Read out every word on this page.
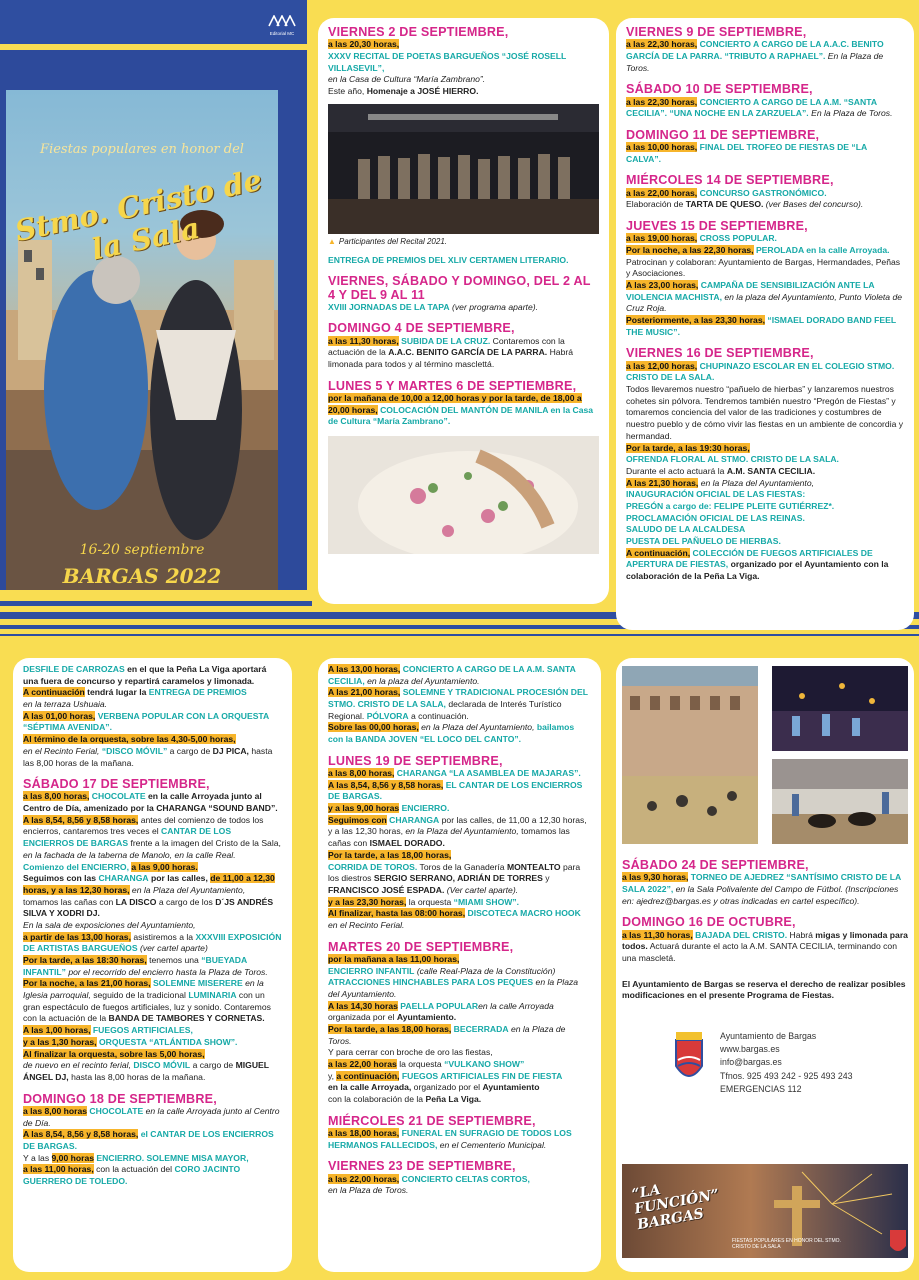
Editorial MC
Fiestas populares en honor del
Stmo. Cristo de la Sala
16-20 septiembre
BARGAS 2022
VIERNES 2 DE SEPTIEMBRE,
a las 20,30 horas,
XXXV RECITAL DE POETAS BARGUEÑOS “JOSÉ ROSELL VILLASEVIL”,
en la Casa de Cultura “María Zambrano”.
Este año, Homenaje a JOSÉ HIERRO.
▲ Participantes del Recital 2021.
ENTREGA DE PREMIOS DEL XLIV CERTAMEN LITERARIO.
VIERNES, SÁBADO Y DOMINGO, DEL 2 AL 4 Y DEL 9 AL 11
XVIII JORNADAS DE LA TAPA (ver programa aparte).
DOMINGO 4 DE SEPTIEMBRE,
a las 11,30 horas, SUBIDA DE LA CRUZ. Contaremos con la actuación de la A.A.C. BENITO GARCÍA DE LA PARRA. Habrá limonada para todos y al término masclettá.
LUNES 5 Y MARTES 6 DE SEPTIEMBRE,
por la mañana de 10,00 a 12,00 horas y por la tarde, de 18,00 a 20,00 horas, COLOCACIÓN DEL MANTÓN DE MANILA en la Casa de Cultura “María Zambrano”.
VIERNES 9 DE SEPTIEMBRE,
a las 22,30 horas, CONCIERTO A CARGO DE LA A.A.C. BENITO GARCÍA DE LA PARRA. “TRIBUTO A RAPHAEL”. En la Plaza de Toros.
SÁBADO 10 DE SEPTIEMBRE,
a las 22,30 horas, CONCIERTO A CARGO DE LA A.M. “SANTA CECILIA”. “UNA NOCHE EN LA ZARZUELA”. En la Plaza de Toros.
DOMINGO 11 DE SEPTIEMBRE,
a las 10,00 horas, FINAL DEL TROFEO DE FIESTAS DE “LA CALVA”.
MIÉRCOLES 14 DE SEPTIEMBRE,
a las 22,00 horas, CONCURSO GASTRONÓMICO.
Elaboración de TARTA DE QUESO. (ver Bases del concurso).
JUEVES 15 DE SEPTIEMBRE,
a las 19,00 horas, CROSS POPULAR.
Por la noche, a las 22,30 horas, PEROLADA en la calle Arroyada.
Patrocinan y colaboran: Ayuntamiento de Bargas, Hermandades, Peñas y Asociaciones.
A las 23,00 horas, CAMPAÑA DE SENSIBILIZACIÓN ANTE LA VIOLENCIA MACHISTA, en la plaza del Ayuntamiento, Punto Violeta de Cruz Roja.
Posteriormente, a las 23,30 horas, “ISMAEL DORADO BAND FEEL THE MUSIC”.
VIERNES 16 DE SEPTIEMBRE,
a las 12,00 horas, CHUPINAZO ESCOLAR EN EL COLEGIO STMO. CRISTO DE LA SALA.
Todos llevaremos nuestro “pañuelo de hierbas” y lanzaremos nuestros cohetes sin pólvora. Tendremos también nuestro “Pregón de Fiestas” y tomaremos conciencia del valor de las tradiciones y costumbres de nuestro pueblo y de cómo vivir las fiestas en un ambiente de concordia y hermandad.
Por la tarde, a las 19:30 horas,
OFRENDA FLORAL AL STMO. CRISTO DE LA SALA.
Durante el acto actuará la A.M. SANTA CECILIA.
A las 21,30 horas, en la Plaza del Ayuntamiento,
INAUGURACIÓN OFICIAL DE LAS FIESTAS:
PREGÓN a cargo de: FELIPE PLEITE GUTIÉRREZ*.
PROCLAMACIÓN OFICIAL DE LAS REINAS.
SALUDO DE LA ALCALDESA
PUESTA DEL PAÑUELO DE HIERBAS.
A continuación, COLECCIÓN DE FUEGOS ARTIFICIALES DE APERTURA DE FIESTAS, organizado por el Ayuntamiento con la colaboración de la Peña La Viga.
DESFILE DE CARROZAS en el que la Peña La Viga aportará una fuera de concurso y repartirá caramelos y limonada.
A continuación tendrá lugar la ENTREGA DE PREMIOS
en la terraza Ushuaia.
A las 01,00 horas, VERBENA POPULAR CON LA ORQUESTA “SÉPTIMA AVENIDA”.
Al término de la orquesta, sobre las 4,30-5,00 horas,
en el Recinto Ferial, “DISCO MÓVIL” a cargo de DJ PICA, hasta las 8,00 horas de la mañana.
SÁBADO 17 DE SEPTIEMBRE,
a las 8,00 horas, CHOCOLATE en la calle Arroyada junto al Centro de Día, amenizado por la CHARANGA “SOUND BAND”.
A las 8,54, 8,56 y 8,58 horas, antes del comienzo de todos los encierros, cantaremos tres veces el CANTAR DE LOS ENCIERROS DE BARGAS frente a la imagen del Cristo de la Sala, en la fachada de la taberna de Manolo, en la calle Real.
Comienzo del ENCIERRO, a las 9,00 horas.
Seguimos con las CHARANGA por las calles, de 11,00 a 12,30 horas, y a las 12,30 horas, en la Plaza del Ayuntamiento, tomamos las cañas con LA DISCO a cargo de los D´JS ANDRÉS SILVA Y XODRI DJ.
En la sala de exposiciones del Ayuntamiento,
a partir de las 13,00 horas, asistiremos a la XXXVIII EXPOSICIÓN DE ARTISTAS BARGUEÑOS (ver cartel aparte)
Por la tarde, a las 18:30 horas, tenemos una “BUEYADA INFANTIL” por el recorrido del encierro hasta la Plaza de Toros.
Por la noche, a las 21,00 horas, SOLEMNE MISERERE en la Iglesia parroquial, seguido de la tradicional LUMINARIA con un gran espectáculo de fuegos artificiales, luz y sonido. Contaremos con la actuación de la BANDA DE TAMBORES Y CORNETAS.
A las 1,00 horas, FUEGOS ARTIFICIALES,
y a las 1,30 horas, ORQUESTA “ATLÁNTIDA SHOW”.
Al finalizar la orquesta, sobre las 5,00 horas,
de nuevo en el recinto ferial, DISCO MÓVIL a cargo de MIGUEL ÁNGEL DJ, hasta las 8,00 horas de la mañana.
DOMINGO 18 DE SEPTIEMBRE,
a las 8,00 horas CHOCOLATE en la calle Arroyada junto al Centro de Día.
A las 8,54, 8,56 y 8,58 horas, el CANTAR DE LOS ENCIERROS DE BARGAS.
Y a las 9,00 horas ENCIERRO. SOLEMNE MISA MAYOR,
a las 11,00 horas, con la actuación del CORO JACINTO GUERRERO DE TOLEDO.
A las 13,00 horas, CONCIERTO A CARGO DE LA A.M. SANTA CECILIA, en la plaza del Ayuntamiento.
A las 21,00 horas, SOLEMNE Y TRADICIONAL PROCESIÓN DEL STMO. CRISTO DE LA SALA, declarada de Interés Turístico Regional. PÓLVORA a continuación.
Sobre las 00,00 horas, en la Plaza del Ayuntamiento, bailamos con la BANDA JOVEN “EL LOCO DEL CANTO”.
LUNES 19 DE SEPTIEMBRE,
a las 8,00 horas, CHARANGA “LA ASAMBLEA DE MAJARAS”.
A las 8,54, 8,56 y 8,58 horas, EL CANTAR DE LOS ENCIERROS DE BARGAS.
y a las 9,00 horas ENCIERRO.
Seguimos con CHARANGA por las calles, de 11,00 a 12,30 horas, y a las 12,30 horas, en la Plaza del Ayuntamiento, tomamos las cañas con ISMAEL DORADO.
Por la tarde, a las 18,00 horas,
CORRIDA DE TOROS. Toros de la Ganadería MONTEALTO para los diestros SERGIO SERRANO, ADRIÁN DE TORRES y FRANCISCO JOSÉ ESPADA. (Ver cartel aparte).
y a las 23,30 horas, la orquesta “MIAMI SHOW”.
Al finalizar, hasta las 08:00 horas, DISCOTECA MACRO HOOK en el Recinto Ferial.
MARTES 20 DE SEPTIEMBRE,
por la mañana a las 11,00 horas,
ENCIERRO INFANTIL (calle Real-Plaza de la Constitución)
ATRACCIONES HINCHABLES PARA LOS PEQUES en la Plaza del Ayuntamiento.
A las 14,30 horas PAELLA POPULARen la calle Arroyada organizada por el Ayuntamiento.
Por la tarde, a las 18,00 horas, BECERRADA en la Plaza de Toros.
Y para cerrar con broche de oro las fiestas,
a las 22,00 horas la orquesta “VULKANO SHOW”
y, a continuación, FUEGOS ARTIFICIALES FIN DE FIESTA
en la calle Arroyada, organizado por el Ayuntamiento
con la colaboración de la Peña La Viga.
MIÉRCOLES 21 DE SEPTIEMBRE,
a las 18,00 horas, FUNERAL EN SUFRAGIO DE TODOS LOS HERMANOS FALLECIDOS, en el Cementerio Municipal.
VIERNES 23 DE SEPTIEMBRE,
a las 22,00 horas, CONCIERTO CELTAS CORTOS,
en la Plaza de Toros.
SÁBADO 24 DE SEPTIEMBRE,
a las 9,30 horas, TORNEO DE AJEDREZ “SANTÍSIMO CRISTO DE LA SALA 2022”, en la Sala Polivalente del Campo de Fútbol. (Inscripciones en: ajedrez@bargas.es y otras indicadas en cartel específico).
DOMINGO 16 DE OCTUBRE,
a las 11,30 horas, BAJADA DEL CRISTO. Habrá migas y limonada para todos. Actuará durante el acto la A.M. SANTA CECILIA, terminando con una mascletá.
El Ayuntamiento de Bargas se reserva el derecho de realizar posibles modificaciones en el presente Programa de Fiestas.
Ayuntamiento de Bargas
www.bargas.es
info@bargas.es
Tfnos. 925 493 242 - 925 493 243
EMERGENCIAS 112
“LA FUNCIÓN” BARGAS
FIESTAS POPULARES EN HONOR DEL STMO. CRISTO DE LA SALA
